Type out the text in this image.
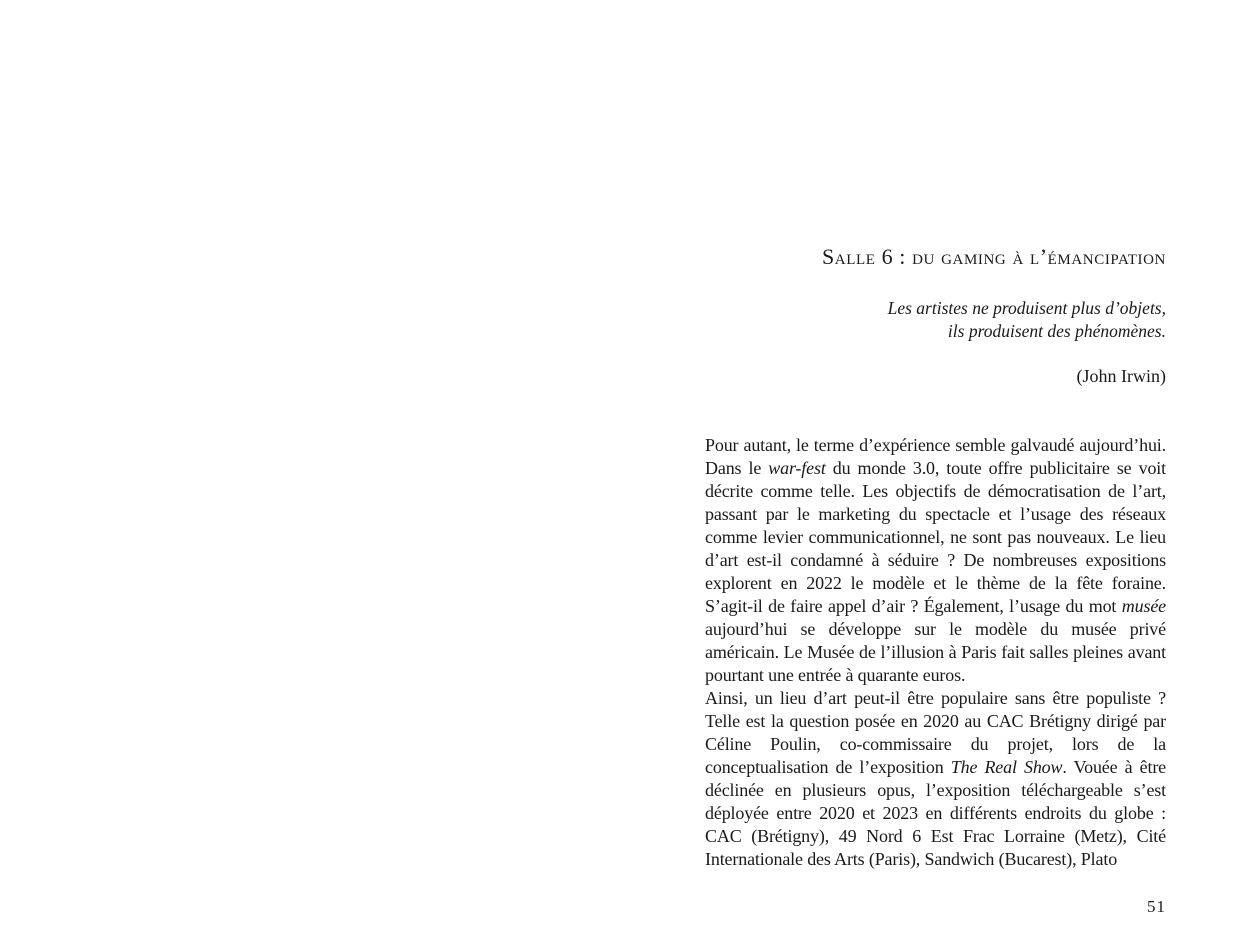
Salle 6 : du gaming à l’émancipation
Les artistes ne produisent plus d’objets,
ils produisent des phénomènes.
(John Irwin)
Pour autant, le terme d’expérience semble galvaudé aujourd’hui. Dans le war-fest du monde 3.0, toute offre publicitaire se voit décrite comme telle. Les objectifs de démocratisation de l’art, passant par le marketing du spectacle et l’usage des réseaux comme levier communicationnel, ne sont pas nouveaux. Le lieu d’art est-il condamné à séduire ? De nombreuses expositions explorent en 2022 le modèle et le thème de la fête foraine. S’agit-il de faire appel d’air ? Également, l’usage du mot musée aujourd’hui se développe sur le modèle du musée privé américain. Le Musée de l’illusion à Paris fait salles pleines avant pourtant une entrée à quarante euros.
Ainsi, un lieu d’art peut-il être populaire sans être populiste ? Telle est la question posée en 2020 au CAC Brétigny dirigé par Céline Poulin, co-commissaire du projet, lors de la conceptualisation de l’exposition The Real Show. Vouée à être déclinée en plusieurs opus, l’exposition téléchargeable s’est déployée entre 2020 et 2023 en différents endroits du globe : CAC (Brétigny), 49 Nord 6 Est Frac Lorraine (Metz), Cité Internationale des Arts (Paris), Sandwich (Bucarest), Plato
51
